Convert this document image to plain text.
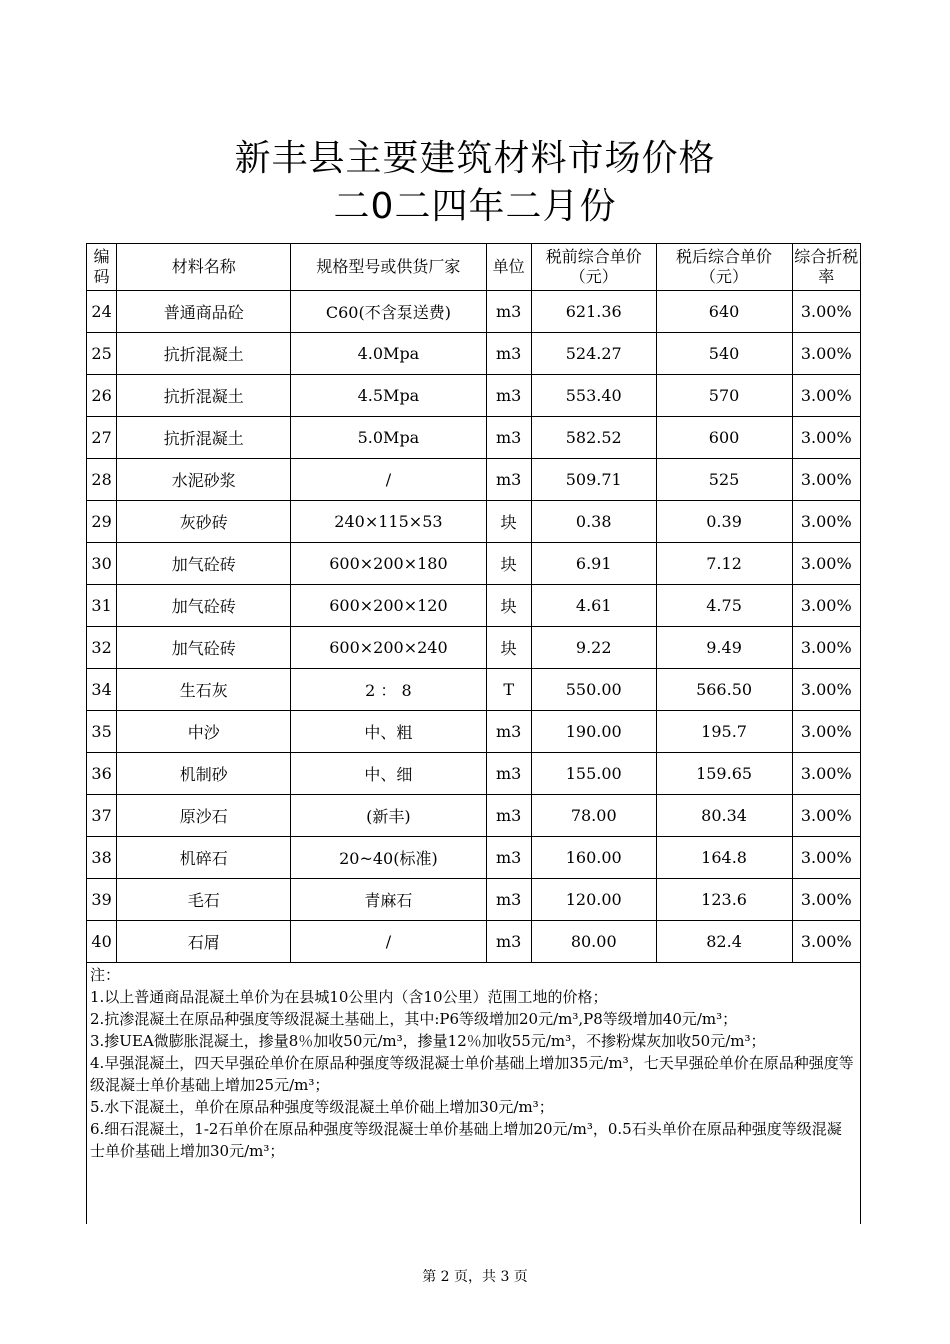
新丰县主要建筑材料市场价格
二0二四年二月份
编码	材料名称	规格型号或供货厂家	单位	税前综合单价（元）	税后综合单价（元）	综合折税率
24	普通商品砼	C60(不含泵送费)	m3	621.36	640	3.00%
25	抗折混凝土	4.0Mpa	m3	524.27	540	3.00%
26	抗折混凝土	4.5Mpa	m3	553.40	570	3.00%
27	抗折混凝土	5.0Mpa	m3	582.52	600	3.00%
28	水泥砂浆	/	m3	509.71	525	3.00%
29	灰砂砖	240×115×53	块	0.38	0.39	3.00%
30	加气砼砖	600×200×180	块	6.91	7.12	3.00%
31	加气砼砖	600×200×120	块	4.61	4.75	3.00%
32	加气砼砖	600×200×240	块	9.22	9.49	3.00%
34	生石灰	2 ： 8	T	550.00	566.50	3.00%
35	中沙	中、粗	m3	190.00	195.7	3.00%
36	机制砂	中、细	m3	155.00	159.65	3.00%
37	原沙石	(新丰)	m3	78.00	80.34	3.00%
38	机碎石	20~40(标准)	m3	160.00	164.8	3.00%
39	毛石	青麻石	m3	120.00	123.6	3.00%
40	石屑	/	m3	80.00	82.4	3.00%
注：
1.以上普通商品混凝土单价为在县城10公里内（含10公里）范围工地的价格；
2.抗渗混凝土在原品种强度等级混凝土基础上，其中:P6等级增加20元/m³,P8等级增加40元/m³；
3.掺UEA微膨胀混凝土，掺量8％加收50元/m³，掺量12％加收55元/m³，不掺粉煤灰加收50元/m³；
4.早强混凝土，四天早强砼单价在原品种强度等级混凝士单价基础上增加35元/m³，七天早强砼单价在原品种强度等级混凝士单价基础上增加25元/m³；
5.水下混凝土，单价在原品种强度等级混凝土单价础上增加30元/m³；
6.细石混凝土，1-2石单价在原品种强度等级混凝士单价基础上增加20元/m³，0.5石头单价在原品种强度等级混凝士单价基础上增加30元/m³；
第 2 页，共 3 页
